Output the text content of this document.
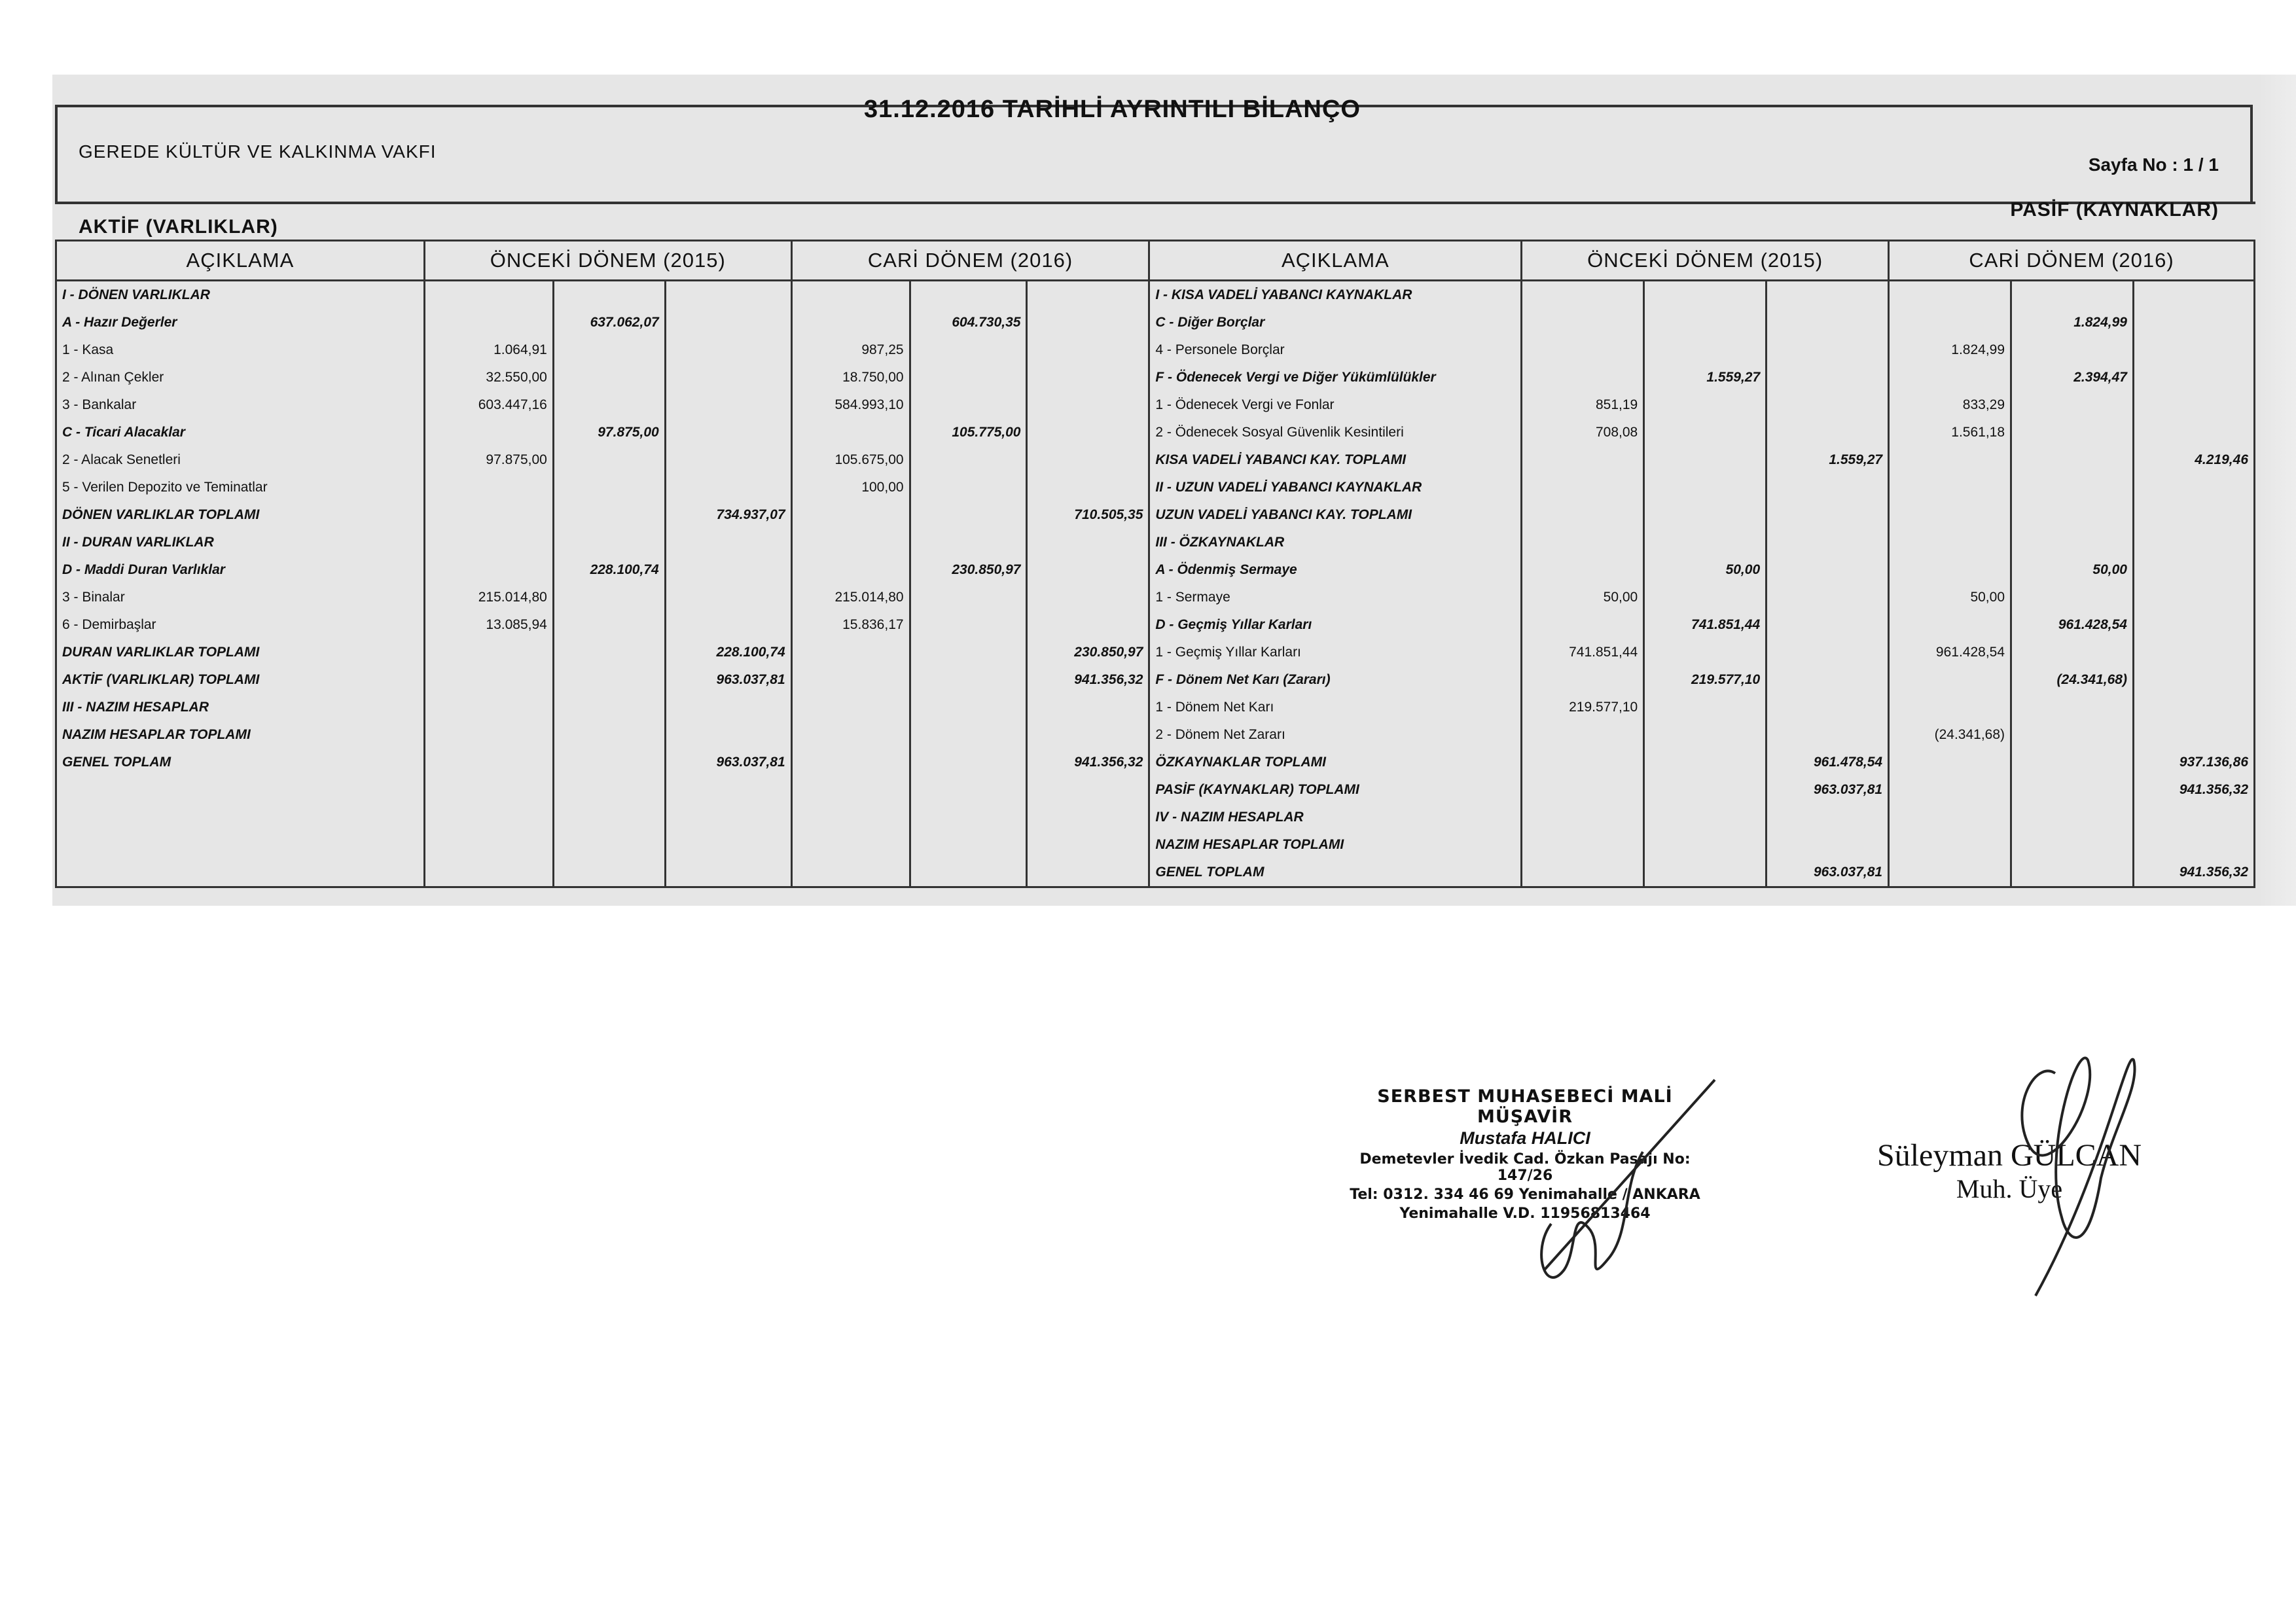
31.12.2016 TARİHLİ AYRINTILI BİLANÇO
GEREDE KÜLTÜR VE KALKINMA VAKFI
Sayfa No : 1 / 1
AKTİF (VARLIKLAR)
PASİF (KAYNAKLAR)
AÇIKLAMA	ÖNCEKİ DÖNEM (2015)			CARİ DÖNEM (2016)			AÇIKLAMA	ÖNCEKİ DÖNEM (2015)			CARİ DÖNEM (2016)		
I - DÖNEN VARLIKLAR							I - KISA VADELİ YABANCI KAYNAKLAR						
A - Hazır Değerler		637.062,07			604.730,35		C - Diğer Borçlar					1.824,99	
1 - Kasa	1.064,91			987,25			4 - Personele Borçlar				1.824,99		
2 - Alınan Çekler	32.550,00			18.750,00			F - Ödenecek Vergi ve Diğer Yükümlülükler		1.559,27			2.394,47	
3 - Bankalar	603.447,16			584.993,10			1 - Ödenecek Vergi ve Fonlar	851,19			833,29		
C - Ticari Alacaklar		97.875,00			105.775,00		2 - Ödenecek Sosyal Güvenlik Kesintileri	708,08			1.561,18		
2 - Alacak Senetleri	97.875,00			105.675,00			KISA VADELİ YABANCI KAY. TOPLAMI			1.559,27			4.219,46
5 - Verilen Depozito ve Teminatlar				100,00			II - UZUN VADELİ YABANCI KAYNAKLAR						
DÖNEN VARLIKLAR TOPLAMI			734.937,07			710.505,35	UZUN VADELİ YABANCI KAY. TOPLAMI						
II - DURAN VARLIKLAR							III - ÖZKAYNAKLAR						
D - Maddi Duran Varlıklar		228.100,74			230.850,97		A - Ödenmiş Sermaye		50,00			50,00	
3 - Binalar	215.014,80			215.014,80			1 - Sermaye	50,00			50,00		
6 - Demirbaşlar	13.085,94			15.836,17			D - Geçmiş Yıllar Karları		741.851,44			961.428,54	
DURAN VARLIKLAR TOPLAMI			228.100,74			230.850,97	1 - Geçmiş Yıllar Karları	741.851,44			961.428,54		
AKTİF (VARLIKLAR) TOPLAMI			963.037,81			941.356,32	F - Dönem Net Karı (Zararı)		219.577,10			(24.341,68)	
III - NAZIM HESAPLAR							1 - Dönem Net Karı	219.577,10					
NAZIM HESAPLAR TOPLAMI							2 - Dönem Net Zararı				(24.341,68)		
GENEL TOPLAM			963.037,81			941.356,32	ÖZKAYNAKLAR TOPLAMI			961.478,54			937.136,86
							PASİF (KAYNAKLAR) TOPLAMI			963.037,81			941.356,32
							IV - NAZIM HESAPLAR						
							NAZIM HESAPLAR TOPLAMI						
							GENEL TOPLAM			963.037,81			941.356,32
SERBEST MUHASEBECİ MALİ MÜŞAVİR
Mustafa HALICI
Demetevler İvedik Cad. Özkan Pasajı No: 147/26
Tel: 0312. 334 46 69 Yenimahalle / ANKARA
Yenimahalle V.D. 11956813464
Süleyman GÜLCAN
Muh. Üye
